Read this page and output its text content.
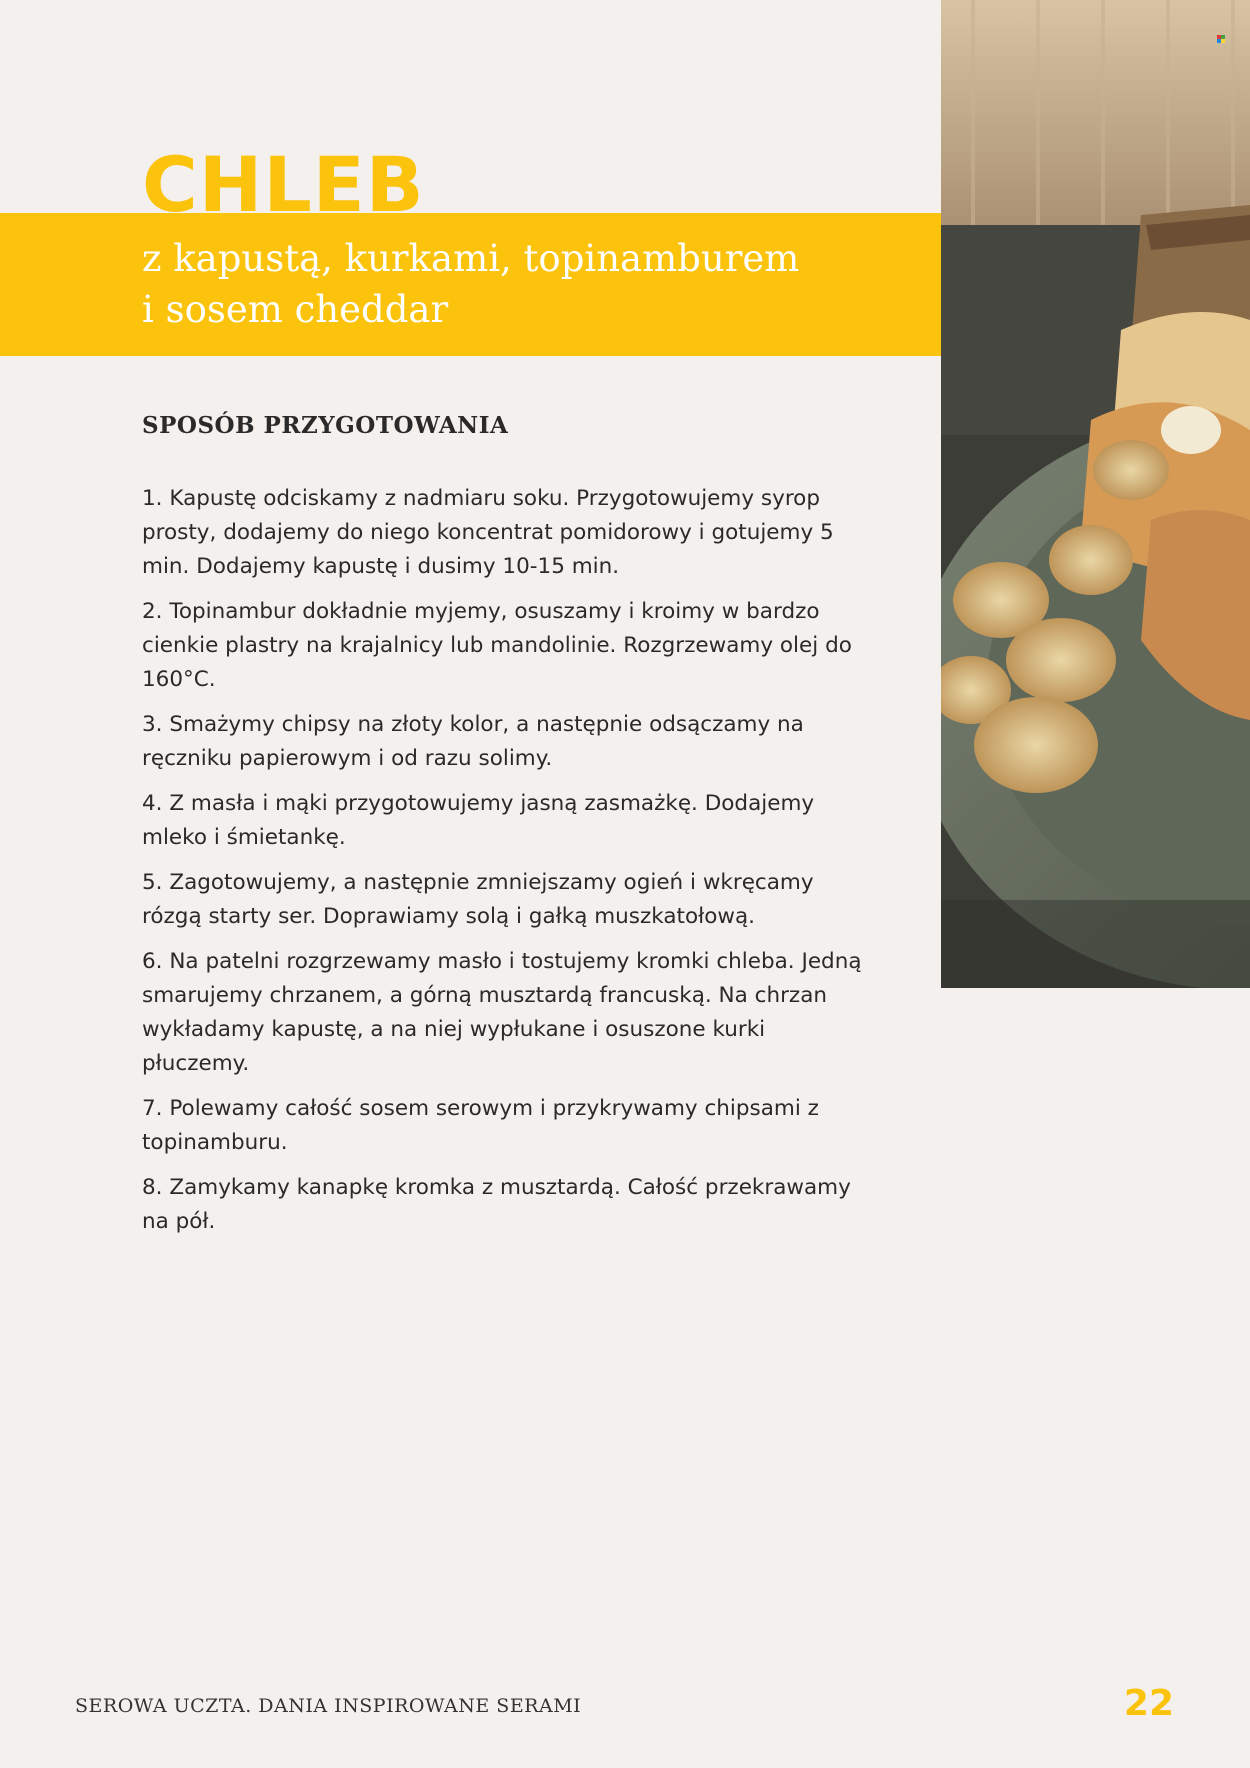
CHLEB
z kapustą, kurkami, topinamburem
i sosem cheddar
SPOSÓB PRZYGOTOWANIA
1. Kapustę odciskamy z nadmiaru soku. Przygotowujemy syrop prosty, dodajemy do niego koncentrat pomidorowy i gotujemy 5 min. Dodajemy kapustę i dusimy 10-15 min.
2. Topinambur dokładnie myjemy, osuszamy i kroimy w bardzo cienkie plastry na krajalnicy lub mandolinie. Rozgrzewamy olej do 160°C.
3. Smażymy chipsy na złoty kolor, a następnie odsączamy na ręczniku papierowym i od razu solimy.
4. Z masła i mąki przygotowujemy jasną zasmażkę. Dodajemy mleko i śmietankę.
5. Zagotowujemy, a następnie zmniejszamy ogień i wkręcamy rózgą starty ser. Doprawiamy solą i gałką muszkatołową.
6. Na patelni rozgrzewamy masło i tostujemy kromki chleba. Jedną smarujemy chrzanem, a górną musztardą francuską. Na chrzan wykładamy kapustę, a na niej wypłukane i osuszone kurki płuczemy.
7. Polewamy całość sosem serowym i przykrywamy chipsami z topinamburu.
8. Zamykamy kanapkę kromka z musztardą. Całość przekrawamy na pół.
SEROWA UCZTA. DANIA INSPIROWANE SERAMI	22
